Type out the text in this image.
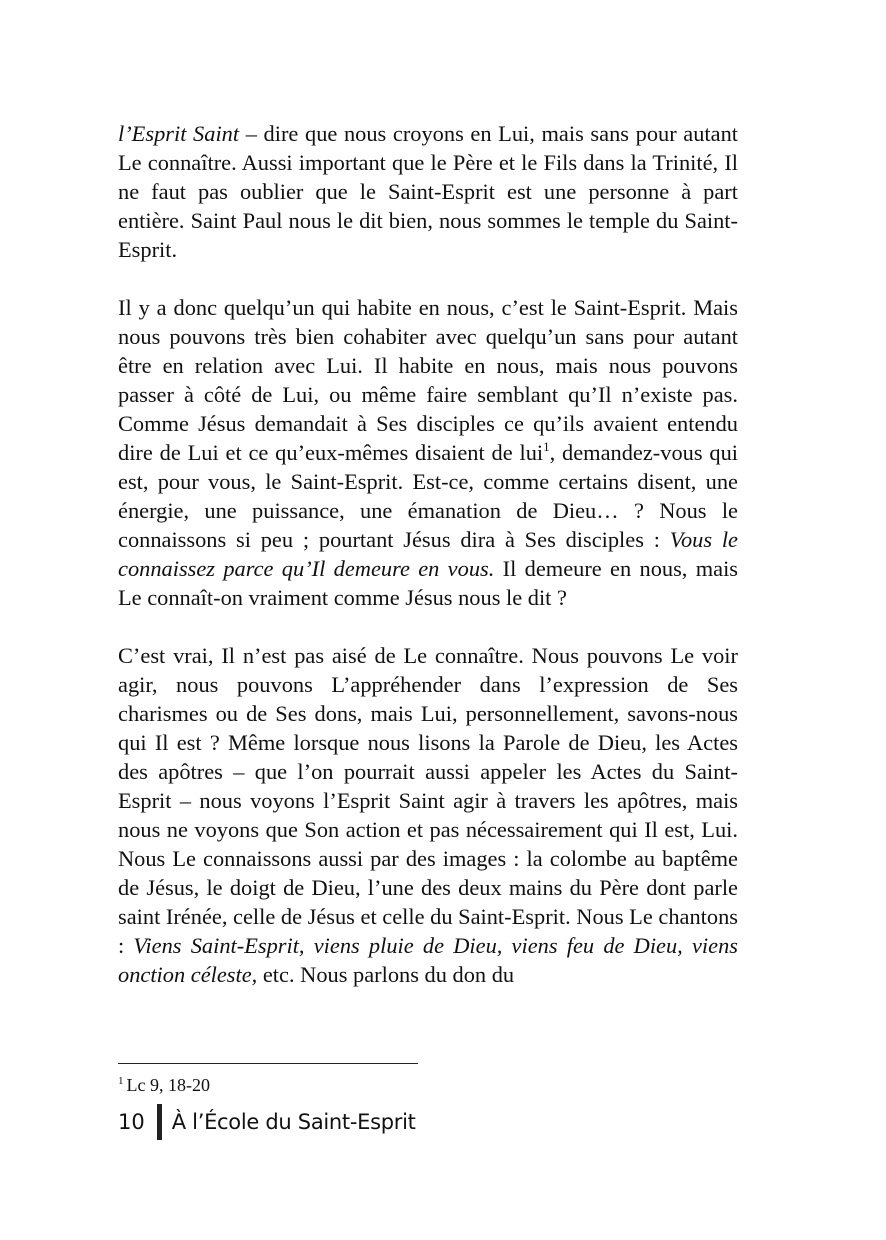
l’Esprit Saint – dire que nous croyons en Lui, mais sans pour autant Le connaître. Aussi important que le Père et le Fils dans la Trinité, Il ne faut pas oublier que le Saint-Esprit est une personne à part entière. Saint Paul nous le dit bien, nous sommes le temple du Saint-Esprit.

Il y a donc quelqu’un qui habite en nous, c’est le Saint-Esprit. Mais nous pouvons très bien cohabiter avec quelqu’un sans pour autant être en relation avec Lui. Il habite en nous, mais nous pouvons passer à côté de Lui, ou même faire semblant qu’Il n’existe pas. Comme Jésus demandait à Ses disciples ce qu’ils avaient entendu dire de Lui et ce qu’eux-mêmes disaient de lui$^1$, demandez-vous qui est, pour vous, le Saint-Esprit. Est-ce, comme certains disent, une énergie, une puissance, une émanation de Dieu… ? Nous le connaissons si peu ; pourtant Jésus dira à Ses disciples : Vous le connaissez parce qu’Il demeure en vous. Il demeure en nous, mais Le connaît-on vraiment comme Jésus nous le dit ?

C’est vrai, Il n’est pas aisé de Le connaître. Nous pouvons Le voir agir, nous pouvons L’appréhender dans l’expression de Ses charismes ou de Ses dons, mais Lui, personnellement, savons-nous qui Il est ? Même lorsque nous lisons la Parole de Dieu, les Actes des apôtres – que l’on pourrait aussi appeler les Actes du Saint-Esprit – nous voyons l’Esprit Saint agir à travers les apôtres, mais nous ne voyons que Son action et pas nécessairement qui Il est, Lui. Nous Le connaissons aussi par des images : la colombe au baptême de Jésus, le doigt de Dieu, l’une des deux mains du Père dont parle saint Irénée, celle de Jésus et celle du Saint-Esprit. Nous Le chantons : Viens Saint-Esprit, viens pluie de Dieu, viens feu de Dieu, viens onction céleste, etc. Nous parlons du don du

$^1$ Lc 9, 18-20
10 À l’École du Saint-Esprit
